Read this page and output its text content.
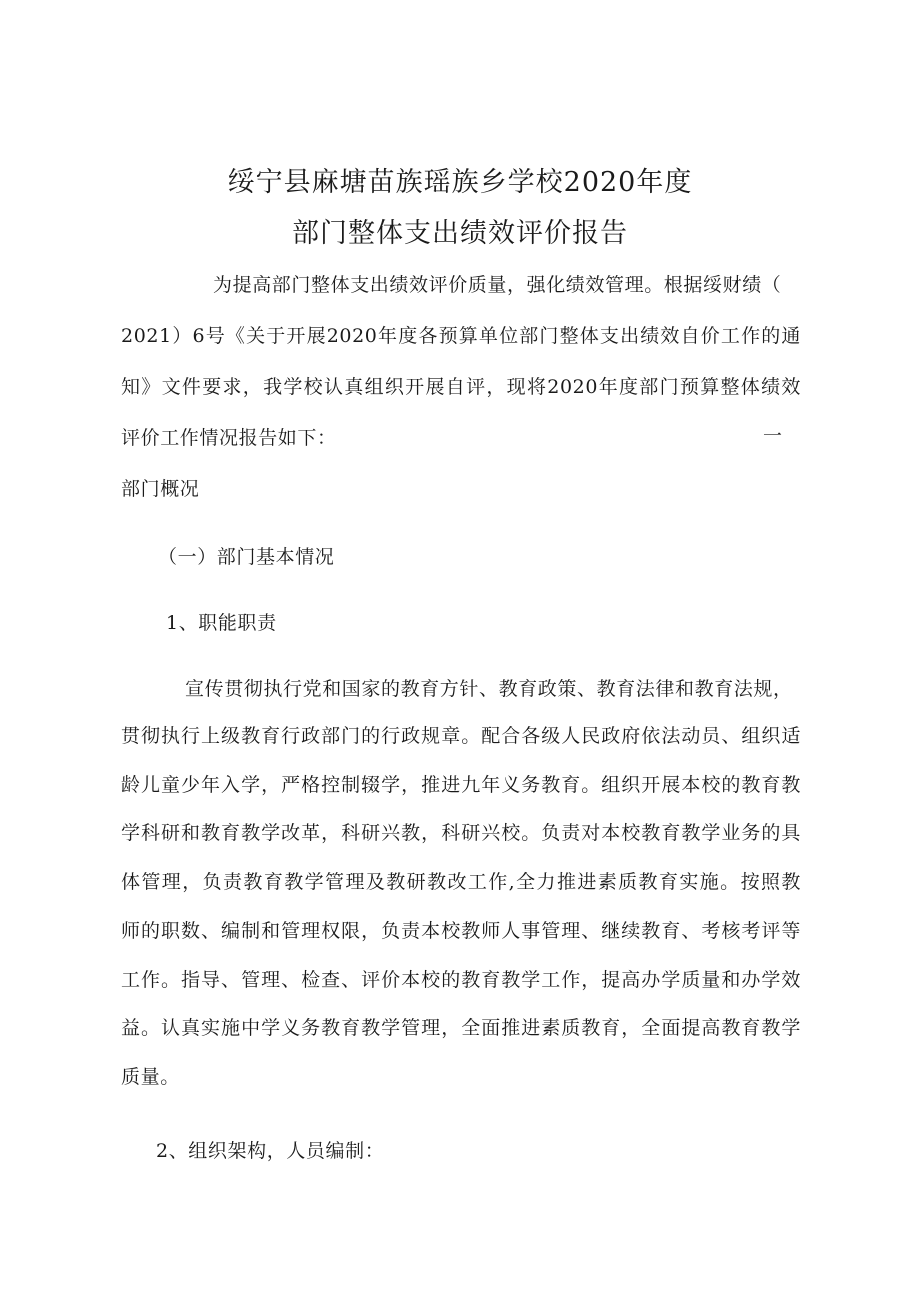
绥宁县麻塘苗族瑶族乡学校2020年度
部门整体支出绩效评价报告
为提高部门整体支出绩效评价质量，强化绩效管理。根据绥财绩（
2021）6号《关于开展2020年度各预算单位部门整体支出绩效自价工作的通
知》文件要求，我学校认真组织开展自评，现将2020年度部门预算整体绩效
评价工作情况报告如下：	一
部门概况
（一）部门基本情况
1、职能职责
宣传贯彻执行党和国家的教育方针、教育政策、教育法律和教育法规，
贯彻执行上级教育行政部门的行政规章。配合各级人民政府依法动员、组织适
龄儿童少年入学，严格控制辍学，推进九年义务教育。组织开展本校的教育教
学科研和教育教学改革，科研兴教，科研兴校。负责对本校教育教学业务的具
体管理，负责教育教学管理及教研教改工作,全力推进素质教育实施。按照教
师的职数、编制和管理权限，负责本校教师人事管理、继续教育、考核考评等
工作。指导、管理、检查、评价本校的教育教学工作，提高办学质量和办学效
益。认真实施中学义务教育教学管理，全面推进素质教育，全面提高教育教学
质量。
2、组织架构，人员编制：
